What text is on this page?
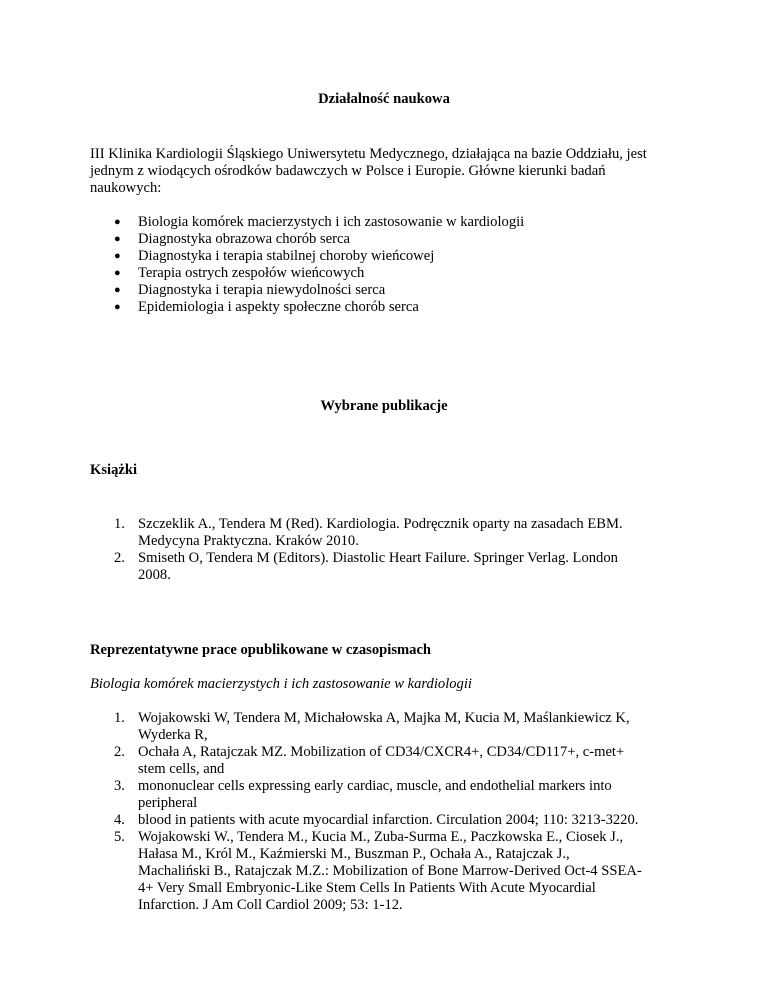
Działalność naukowa
III Klinika Kardiologii Śląskiego Uniwersytetu Medycznego, działająca na bazie Oddziału, jest jednym z wiodących ośrodków badawczych w Polsce i Europie. Główne kierunki badań naukowych:
● Biologia komórek macierzystych i ich zastosowanie w kardiologii
● Diagnostyka obrazowa chorób serca
● Diagnostyka i terapia stabilnej choroby wieńcowej
● Terapia ostrych zespołów wieńcowych
● Diagnostyka i terapia niewydolności serca
● Epidemiologia i aspekty społeczne chorób serca
Wybrane publikacje
Książki
1. Szczeklik A., Tendera M (Red). Kardiologia. Podręcznik oparty na zasadach EBM.
Medycyna Praktyczna. Kraków 2010.
2. Smiseth O, Tendera M (Editors). Diastolic Heart Failure. Springer Verlag. London
2008.
Reprezentatywne prace opublikowane w czasopismach
Biologia komórek macierzystych i ich zastosowanie w kardiologii
1. Wojakowski W, Tendera M, Michałowska A, Majka M, Kucia M, Maślankiewicz K,
Wyderka R,
2. Ochała A, Ratajczak MZ. Mobilization of CD34/CXCR4+, CD34/CD117+, c-met+
stem cells, and
3. mononuclear cells expressing early cardiac, muscle, and endothelial markers into
peripheral
4. blood in patients with acute myocardial infarction. Circulation 2004; 110: 3213-3220.
5. Wojakowski W., Tendera M., Kucia M., Zuba-Surma E., Paczkowska E., Ciosek J.,
Hałasa M., Król M., Kaźmierski M., Buszman P., Ochała A., Ratajczak J.,
Machaliński B., Ratajczak M.Z.: Mobilization of Bone Marrow-Derived Oct-4 SSEA-
4+ Very Small Embryonic-Like Stem Cells In Patients With Acute Myocardial
Infarction. J Am Coll Cardiol 2009; 53: 1-12.
